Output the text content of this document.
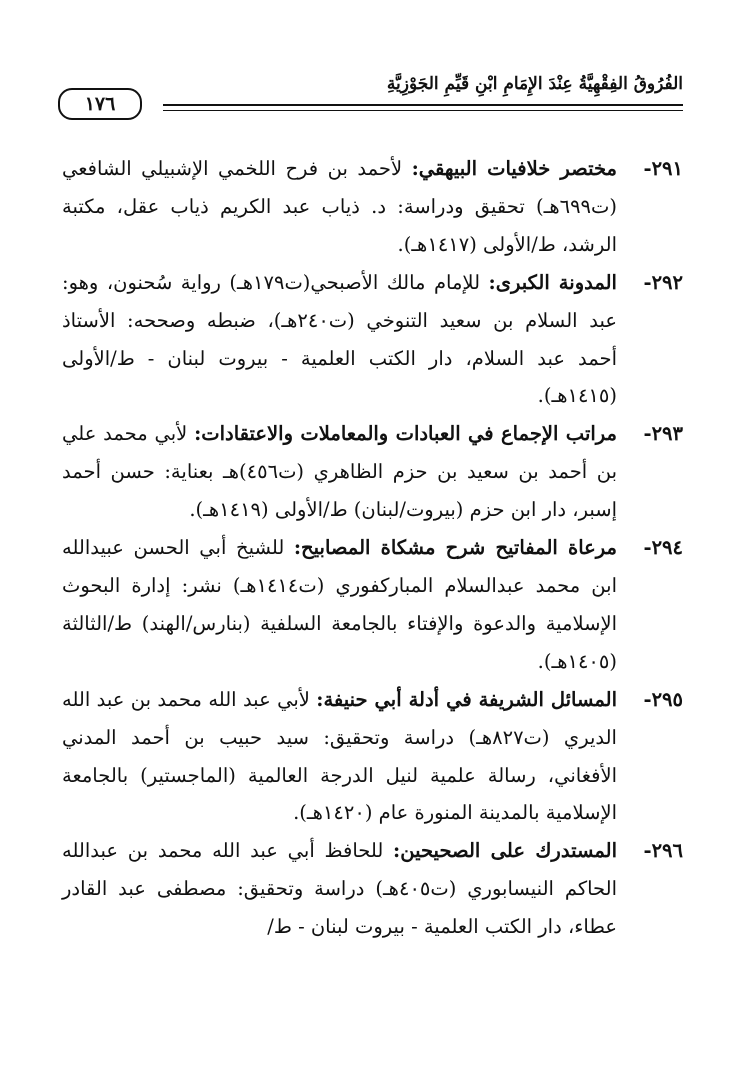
الفُرُوقُ الفِقْهِيَّةُ عِنْدَ الإِمَامِ ابْنِ قَيِّمِ الجَوْزِيَّةِ
١٧٦
٢٩١-
مختصر خلافيات البيهقي: لأحمد بن فرح اللخمي الإشبيلي الشافعي (ت٦٩٩هـ) تحقيق ودراسة: د. ذياب عبد الكريم ذياب عقل، مكتبة الرشد، ط/الأولى (١٤١٧هـ).
٢٩٢-
المدونة الكبرى: للإمام مالك الأصبحي(ت١٧٩هـ) رواية سُحنون، وهو: عبد السلام بن سعيد التنوخي (ت٢٤٠هـ)، ضبطه وصححه: الأستاذ أحمد عبد السلام، دار الكتب العلمية - بيروت لبنان - ط/الأولى (١٤١٥هـ).
٢٩٣-
مراتب الإجماع في العبادات والمعاملات والاعتقادات: لأبي محمد علي بن أحمد بن سعيد بن حزم الظاهري (ت٤٥٦)هـ بعناية: حسن أحمد إسبر، دار ابن حزم (بيروت/لبنان) ط/الأولى (١٤١٩هـ).
٢٩٤-
مرعاة المفاتيح شرح مشكاة المصابيح: للشيخ أبي الحسن عبيدالله ابن محمد عبدالسلام المباركفوري (ت١٤١٤هـ) نشر: إدارة البحوث الإسلامية والدعوة والإفتاء بالجامعة السلفية (بنارس/الهند) ط/الثالثة (١٤٠٥هـ).
٢٩٥-
المسائل الشريفة في أدلة أبي حنيفة: لأبي عبد الله محمد بن عبد الله الديري (ت٨٢٧هـ) دراسة وتحقيق: سيد حبيب بن أحمد المدني الأفغاني، رسالة علمية لنيل الدرجة العالمية (الماجستير) بالجامعة الإسلامية بالمدينة المنورة عام (١٤٢٠هـ).
٢٩٦-
المستدرك على الصحيحين: للحافظ أبي عبد الله محمد بن عبدالله الحاكم النيسابوري (ت٤٠٥هـ) دراسة وتحقيق: مصطفى عبد القادر عطاء، دار الكتب العلمية - بيروت لبنان - ط/
